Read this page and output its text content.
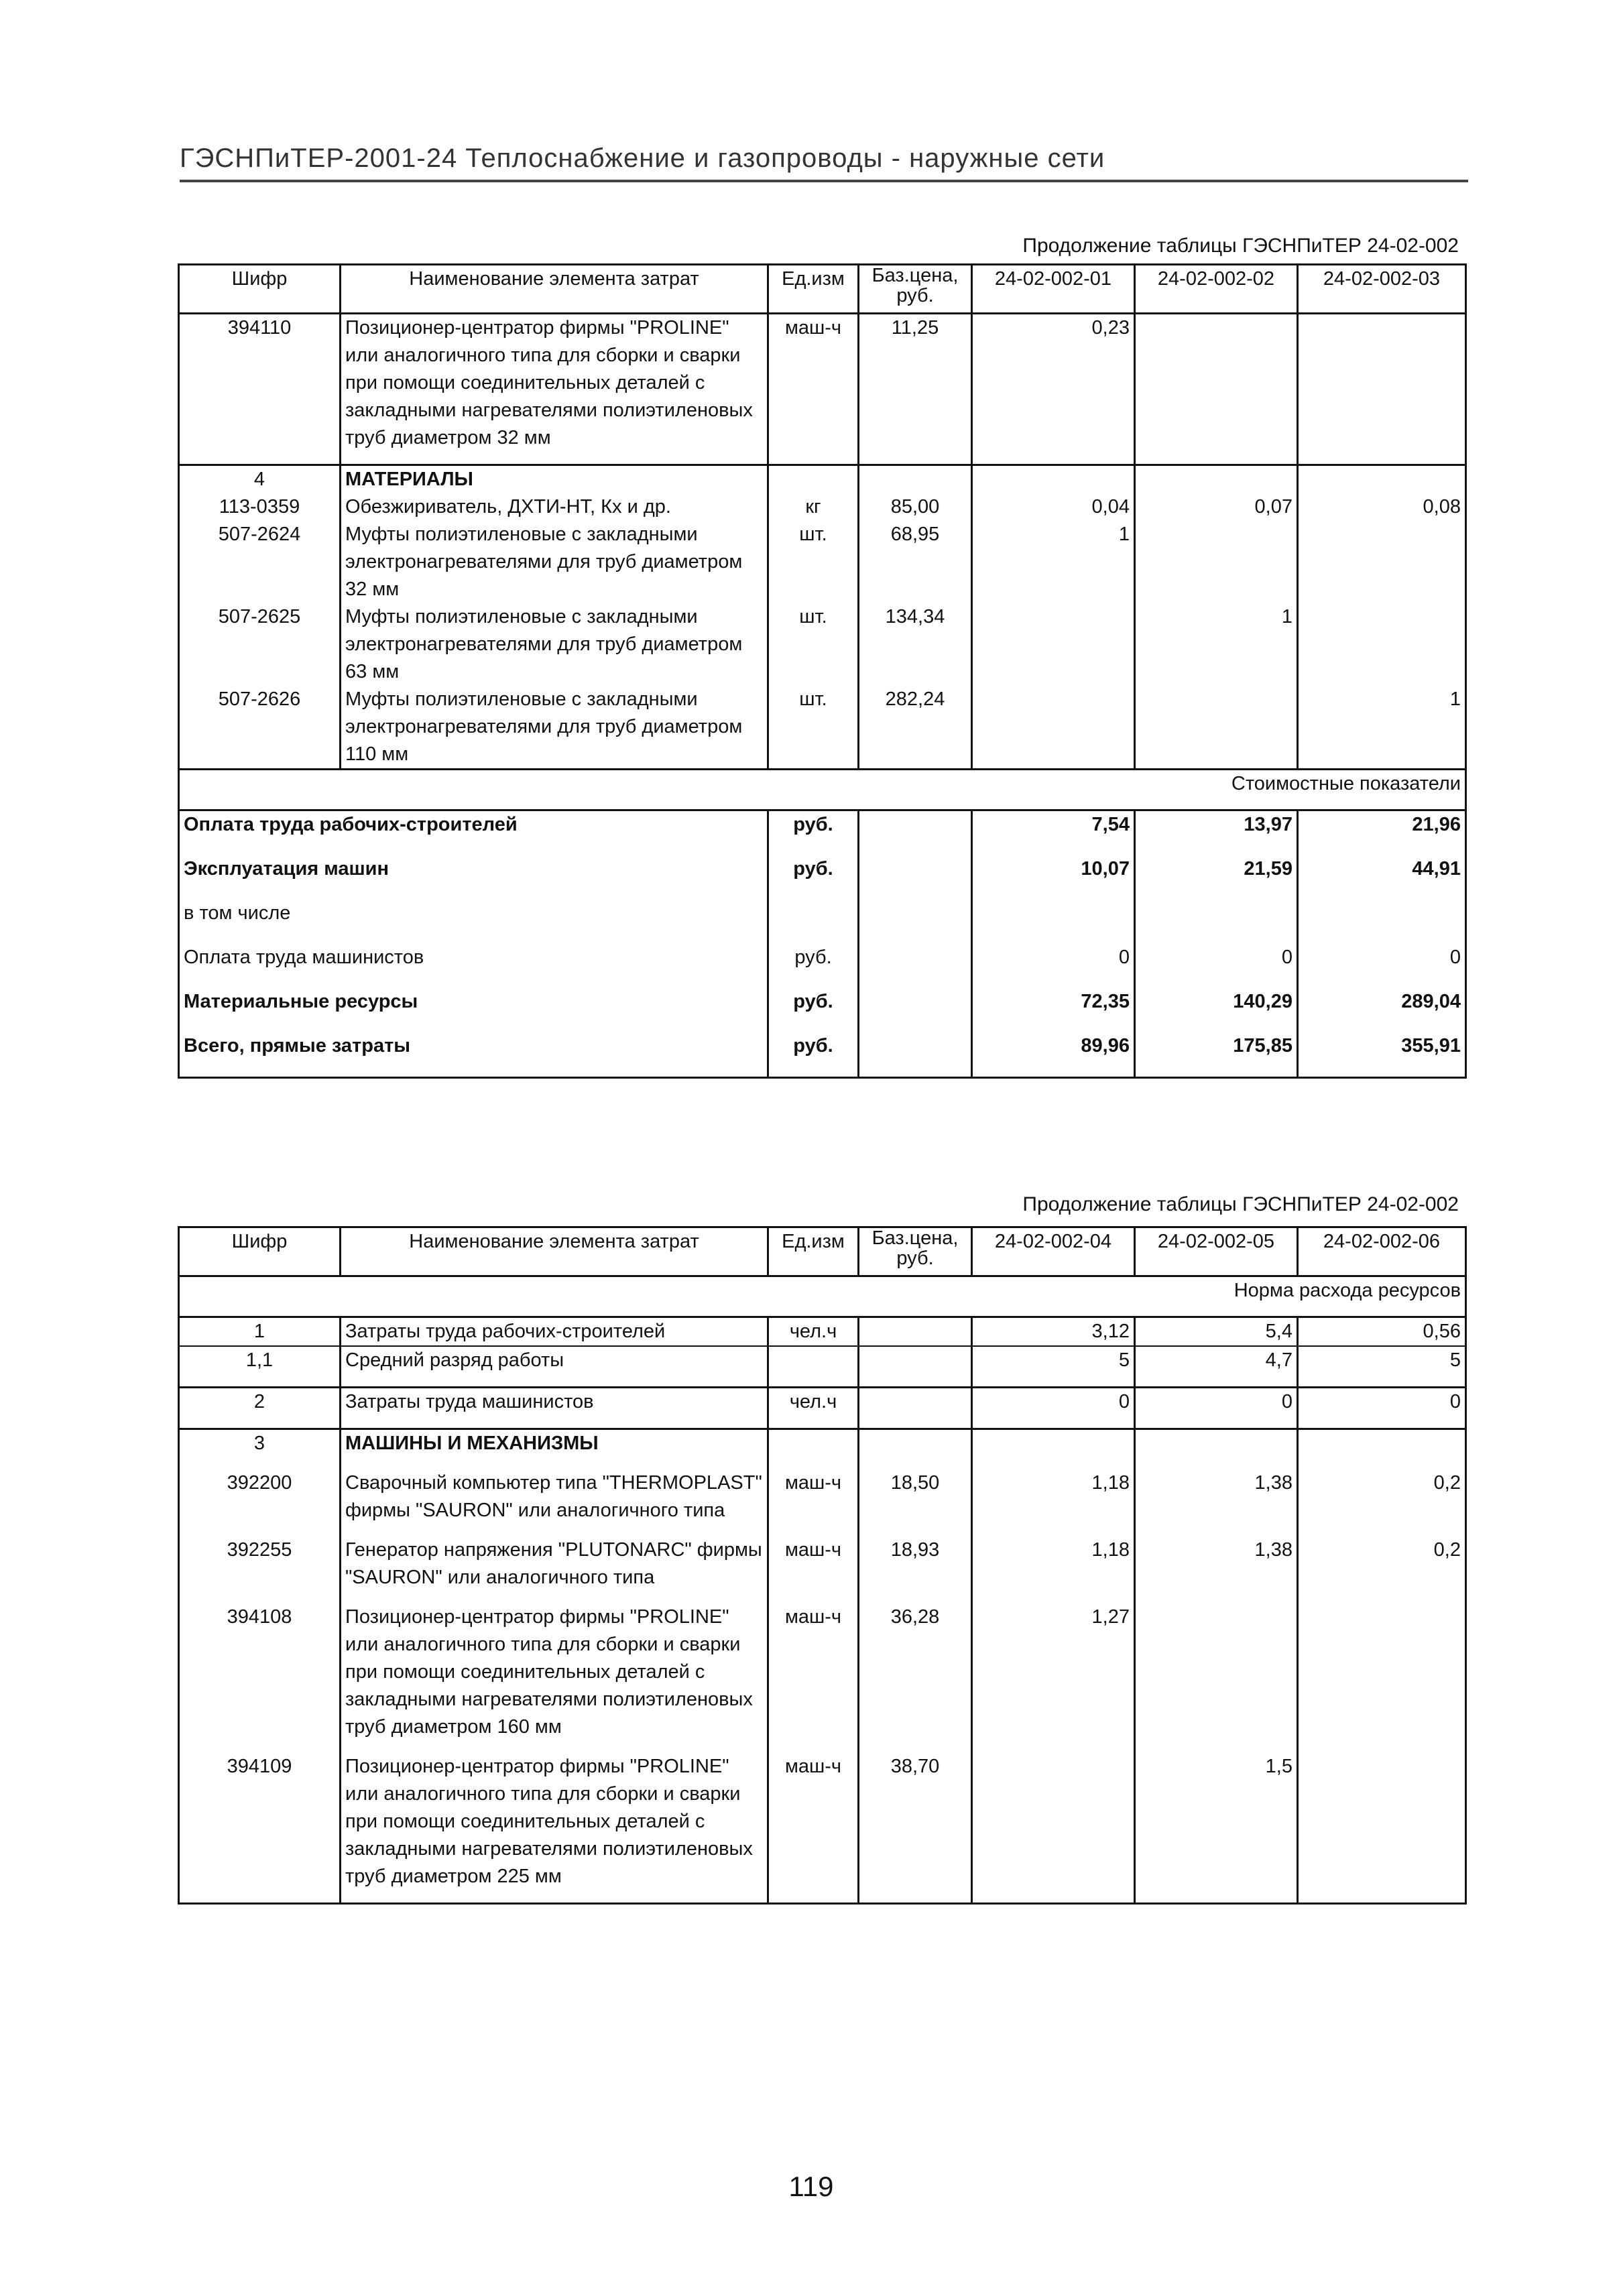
ГЭСНПиТЕР-2001-24 Теплоснабжение и газопроводы - наружные сети
Продолжение таблицы ГЭСНПиТЕР 24-02-002
Шифр	Наименование элемента затрат	Ед.изм	Баз.цена, руб.	24-02-002-01	24-02-002-02	24-02-002-03
394110	Позиционер-центратор фирмы "PROLINE" или аналогичного типа для сборки и сварки при помощи соединительных деталей с закладными нагревателями полиэтиленовых труб диаметром 32 мм	маш-ч	11,25	0,23		

4	МАТЕРИАЛЫ					
113-0359	Обезжириватель, ДХТИ-НТ, Кх и др.	кг	85,00	0,04	0,07	0,08
507-2624	Муфты полиэтиленовые с закладными электронагревателями для труб диаметром 32 мм	шт.	68,95	1		
507-2625	Муфты полиэтиленовые с закладными электронагревателями для труб диаметром 63 мм	шт.	134,34		1	
507-2626	Муфты полиэтиленовые с закладными электронагревателями для труб диаметром 110 мм	шт.	282,24			1
Стоимостные показатели						
Оплата труда рабочих-строителей		руб.		7,54	13,97	21,96
Эксплуатация машин		руб.		10,07	21,59	44,91
в том числе						
Оплата труда машинистов		руб.		0	0	0
Материальные ресурсы		руб.		72,35	140,29	289,04
Всего, прямые затраты		руб.		89,96	175,85	355,91
Продолжение таблицы ГЭСНПиТЕР 24-02-002
Шифр	Наименование элемента затрат	Ед.изм	Баз.цена, руб.	24-02-002-04	24-02-002-05	24-02-002-06
Норма расхода ресурсов						
1	Затраты труда рабочих-строителей	чел.ч		3,12	5,4	0,56
1,1	Средний разряд работы			5	4,7	5

2	Затраты труда машинистов	чел.ч		0	0	0

3	МАШИНЫ И МЕХАНИЗМЫ					

392200	Сварочный компьютер типа "THERMOPLAST" фирмы "SAURON" или аналогичного типа	маш-ч	18,50	1,18	1,38	0,2

392255	Генератор напряжения "PLUTONARC" фирмы "SAURON" или аналогичного типа	маш-ч	18,93	1,18	1,38	0,2

394108	Позиционер-центратор фирмы "PROLINE" или аналогичного типа для сборки и сварки при помощи соединительных деталей с закладными нагревателями полиэтиленовых труб диаметром 160 мм	маш-ч	36,28	1,27		

394109	Позиционер-центратор фирмы "PROLINE" или аналогичного типа для сборки и сварки при помощи соединительных деталей с закладными нагревателями полиэтиленовых труб диаметром 225 мм	маш-ч	38,70		1,5	

119
